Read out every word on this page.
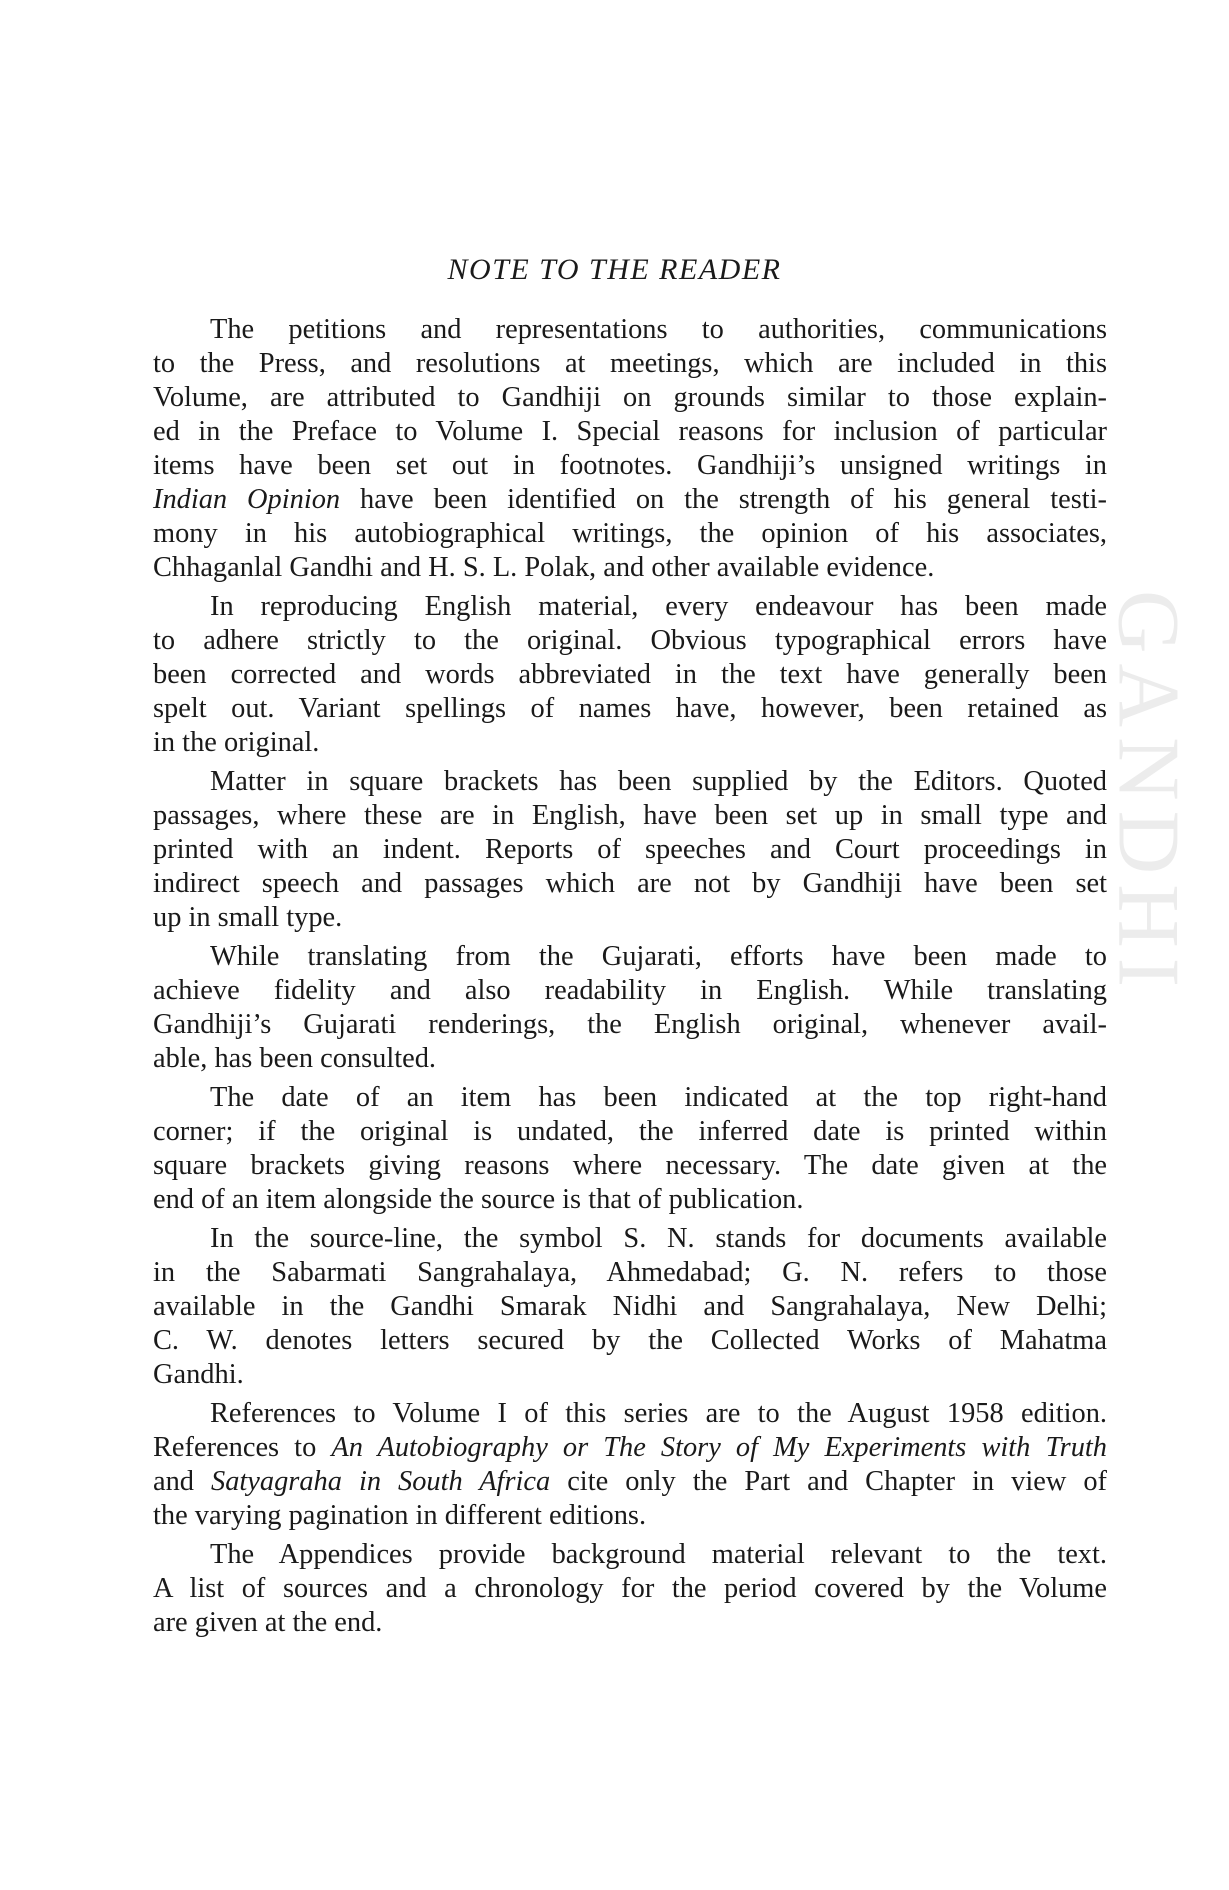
GANDHI
NOTE TO THE READER

The petitions and representations to authorities, communications
to the Press, and resolutions at meetings, which are included in this
Volume, are attributed to Gandhiji on grounds similar to those explain-
ed in the Preface to Volume I. Special reasons for inclusion of particular
items have been set out in footnotes. Gandhiji’s unsigned writings in
Indian Opinion have been identified on the strength of his general testi-
mony in his autobiographical writings, the opinion of his associates,
Chhaganlal Gandhi and H. S. L. Polak, and other available evidence.

In reproducing English material, every endeavour has been made
to adhere strictly to the original. Obvious typographical errors have
been corrected and words abbreviated in the text have generally been
spelt out. Variant spellings of names have, however, been retained as
in the original.

Matter in square brackets has been supplied by the Editors. Quoted
passages, where these are in English, have been set up in small type and
printed with an indent. Reports of speeches and Court proceedings in
indirect speech and passages which are not by Gandhiji have been set
up in small type.

While translating from the Gujarati, efforts have been made to
achieve fidelity and also readability in English. While translating
Gandhiji’s Gujarati renderings, the English original, whenever avail-
able, has been consulted.

The date of an item has been indicated at the top right-hand
corner; if the original is undated, the inferred date is printed within
square brackets giving reasons where necessary. The date given at the
end of an item alongside the source is that of publication.

In the source-line, the symbol S. N. stands for documents available
in the Sabarmati Sangrahalaya, Ahmedabad; G. N. refers to those
available in the Gandhi Smarak Nidhi and Sangrahalaya, New Delhi;
C. W. denotes letters secured by the Collected Works of Mahatma
Gandhi.

References to Volume I of this series are to the August 1958 edition.
References to An Autobiography or The Story of My Experiments with Truth
and Satyagraha in South Africa cite only the Part and Chapter in view of
the varying pagination in different editions.

The Appendices provide background material relevant to the text.
A list of sources and a chronology for the period covered by the Volume
are given at the end.
